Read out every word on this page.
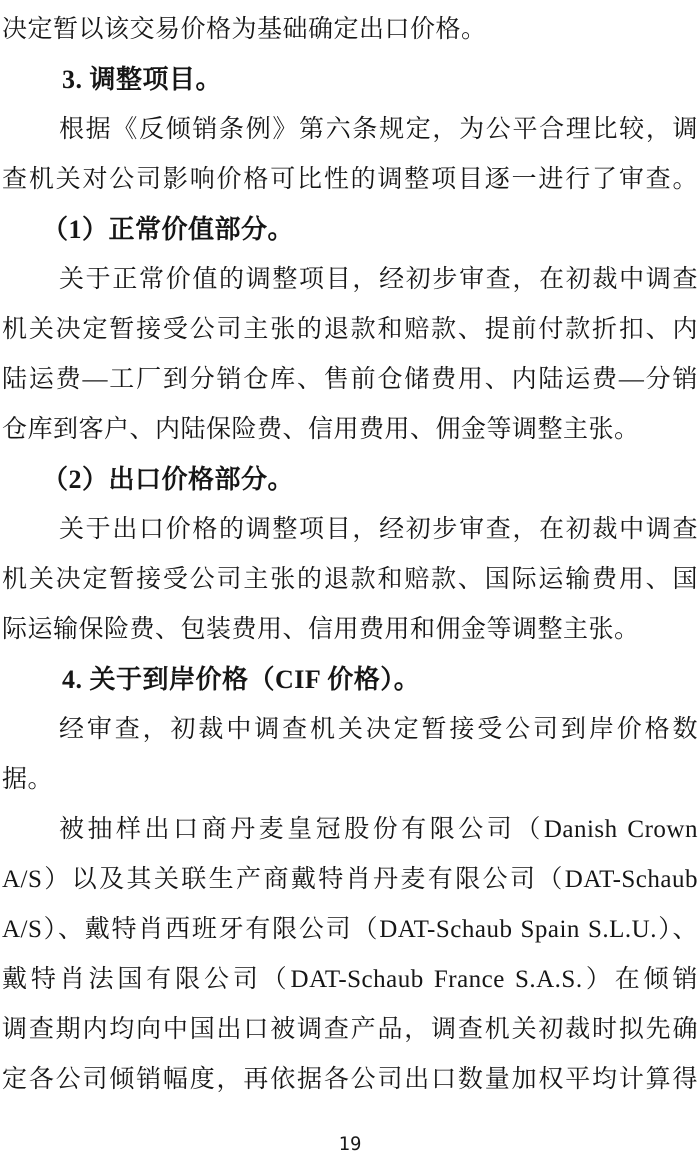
决定暂以该交易价格为基础确定出口价格。
3. 调整项目。
根据《反倾销条例》第六条规定，为公平合理比较，调
查机关对公司影响价格可比性的调整项目逐一进行了审查。
（1）正常价值部分。
关于正常价值的调整项目，经初步审查，在初裁中调查
机关决定暂接受公司主张的退款和赔款、提前付款折扣、内
陆运费—工厂到分销仓库、售前仓储费用、内陆运费—分销
仓库到客户、内陆保险费、信用费用、佣金等调整主张。
（2）出口价格部分。
关于出口价格的调整项目，经初步审查，在初裁中调查
机关决定暂接受公司主张的退款和赔款、国际运输费用、国
际运输保险费、包装费用、信用费用和佣金等调整主张。
4. 关于到岸价格（CIF 价格）。
经审查，初裁中调查机关决定暂接受公司到岸价格数
据。
被抽样出口商丹麦皇冠股份有限公司（Danish Crown
A/S）以及其关联生产商戴特肖丹麦有限公司（DAT-Schaub
A/S）、戴特肖西班牙有限公司（DAT-Schaub Spain S.L.U.）、
戴特肖法国有限公司（DAT-Schaub France S.A.S.）在倾销
调查期内均向中国出口被调查产品，调查机关初裁时拟先确
定各公司倾销幅度，再依据各公司出口数量加权平均计算得
19
